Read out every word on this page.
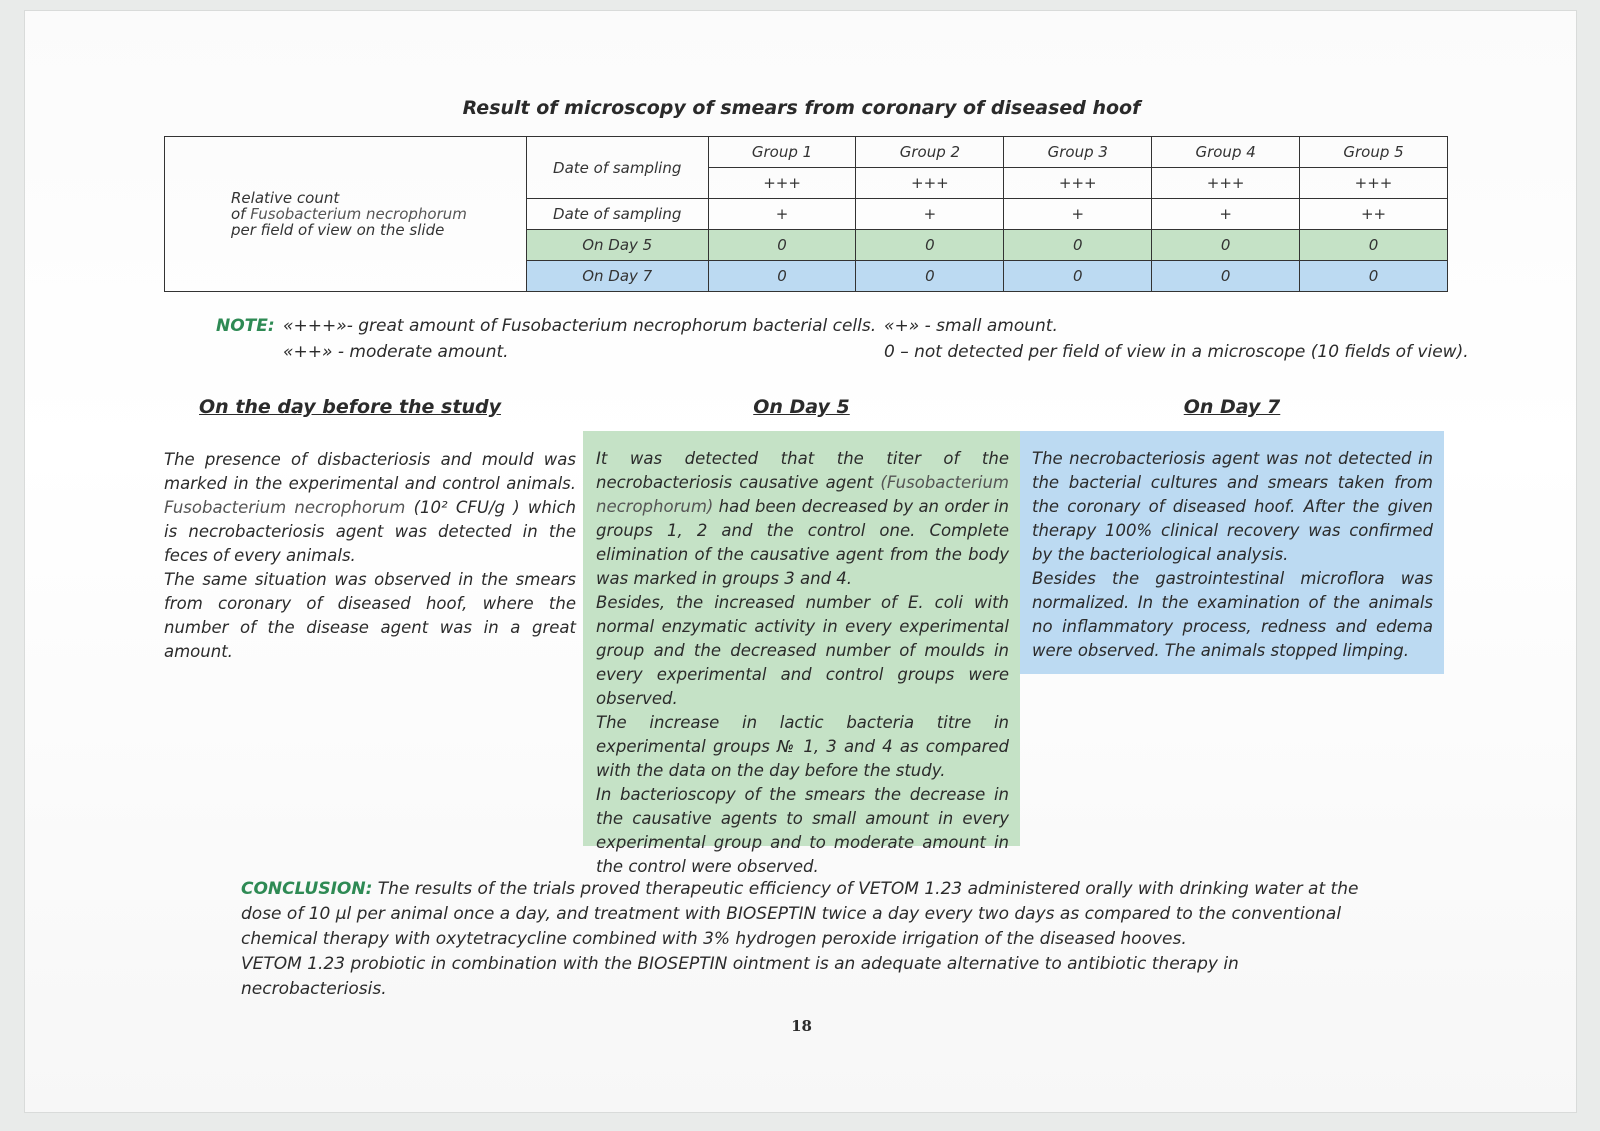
Result of microscopy of smears from coronary of diseased hoof
Relative count
of Fusobacterium necrophorum
per field of view on the slide	Date of sampling	Group 1	Group 2	Group 3	Group 4	Group 5
		+++	+++	+++	+++	+++
	Date of sampling	+	+	+	+	++
	On Day 5	0	0	0	0	0
	On Day 7	0	0	0	0	0
NOTE: «+++»- great amount of Fusobacterium necrophorum bacterial cells.
«++» - moderate amount.
«+» - small amount.
0 – not detected per field of view in a microscope (10 fields of view).
On the day before the study	On Day 5	On Day 7

The presence of disbacteriosis and mould was marked in the experimental and control animals. Fusobacterium necrophorum (10² CFU/g ) which is necrobacteriosis agent was detected in the feces of every animals.

The same situation was observed in the smears from coronary of diseased hoof, where the number of the disease agent was in a great amount.

It was detected that the titer of the necrobacteriosis causative agent (Fusobacterium necrophorum) had been decreased by an order in groups 1, 2 and the control one. Complete elimination of the causative agent from the body was marked in groups 3 and 4.

Besides, the increased number of E. coli with normal enzymatic activity in every experimental group and the decreased number of moulds in every experimental and control groups were observed.

The increase in lactic bacteria titre in experimental groups № 1, 3 and 4 as compared with the data on the day before the study.

In bacterioscopy of the smears the decrease in the causative agents to small amount in every experimental group and to moderate amount in the control were observed.

The necrobacteriosis agent was not detected in the bacterial cultures and smears taken from the coronary of diseased hoof. After the given therapy 100% clinical recovery was confirmed by the bacteriological analysis.

Besides the gastrointestinal microflora was normalized. In the examination of the animals no inflammatory process, redness and edema were observed. The animals stopped limping.

CONCLUSION: The results of the trials proved therapeutic efficiency of VETOM 1.23 administered orally with drinking water at the dose of 10 µl per animal once a day, and treatment with BIOSEPTIN twice a day every two days as compared to the conventional chemical therapy with oxytetracycline combined with 3% hydrogen peroxide irrigation of the diseased hooves.
VETOM 1.23 probiotic in combination with the BIOSEPTIN ointment is an adequate alternative to antibiotic therapy in necrobacteriosis.
18
